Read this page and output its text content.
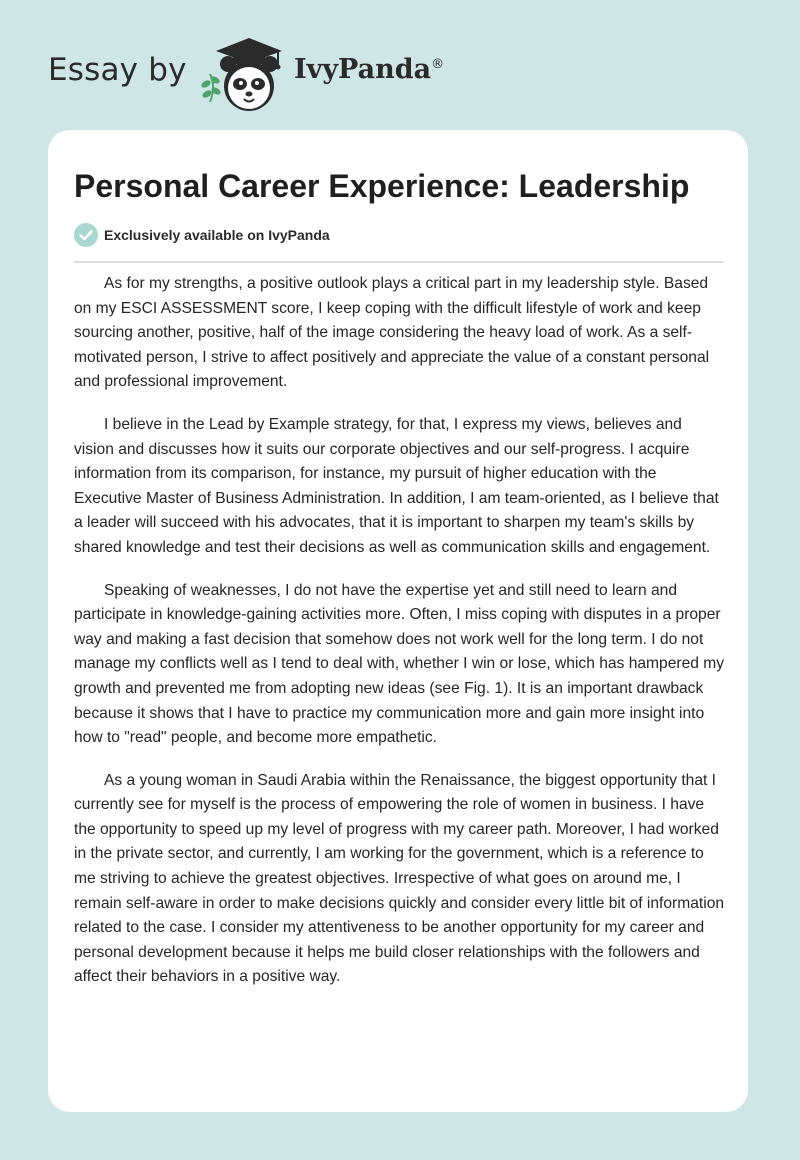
Essay by	IvyPanda®
Personal Career Experience: Leadership
Exclusively available on IvyPanda

As for my strengths, a positive outlook plays a critical part in my leadership style. Based on my ESCI ASSESSMENT score, I keep coping with the difficult lifestyle of work and keep sourcing another, positive, half of the image considering the heavy load of work. As a self-motivated person, I strive to affect positively and appreciate the value of a constant personal and professional improvement.

I believe in the Lead by Example strategy, for that, I express my views, believes and vision and discusses how it suits our corporate objectives and our self-progress. I acquire information from its comparison, for instance, my pursuit of higher education with the Executive Master of Business Administration. In addition, I am team-oriented, as I believe that a leader will succeed with his advocates, that it is important to sharpen my team's skills by shared knowledge and test their decisions as well as communication skills and engagement.

Speaking of weaknesses, I do not have the expertise yet and still need to learn and participate in knowledge-gaining activities more. Often, I miss coping with disputes in a proper way and making a fast decision that somehow does not work well for the long term. I do not manage my conflicts well as I tend to deal with, whether I win or lose, which has hampered my growth and prevented me from adopting new ideas (see Fig. 1). It is an important drawback because it shows that I have to practice my communication more and gain more insight into how to "read" people, and become more empathetic.

As a young woman in Saudi Arabia within the Renaissance, the biggest opportunity that I currently see for myself is the process of empowering the role of women in business. I have the opportunity to speed up my level of progress with my career path. Moreover, I had worked in the private sector, and currently, I am working for the government, which is a reference to me striving to achieve the greatest objectives. Irrespective of what goes on around me, I remain self-aware in order to make decisions quickly and consider every little bit of information related to the case. I consider my attentiveness to be another opportunity for my career and personal development because it helps me build closer relationships with the followers and affect their behaviors in a positive way.
